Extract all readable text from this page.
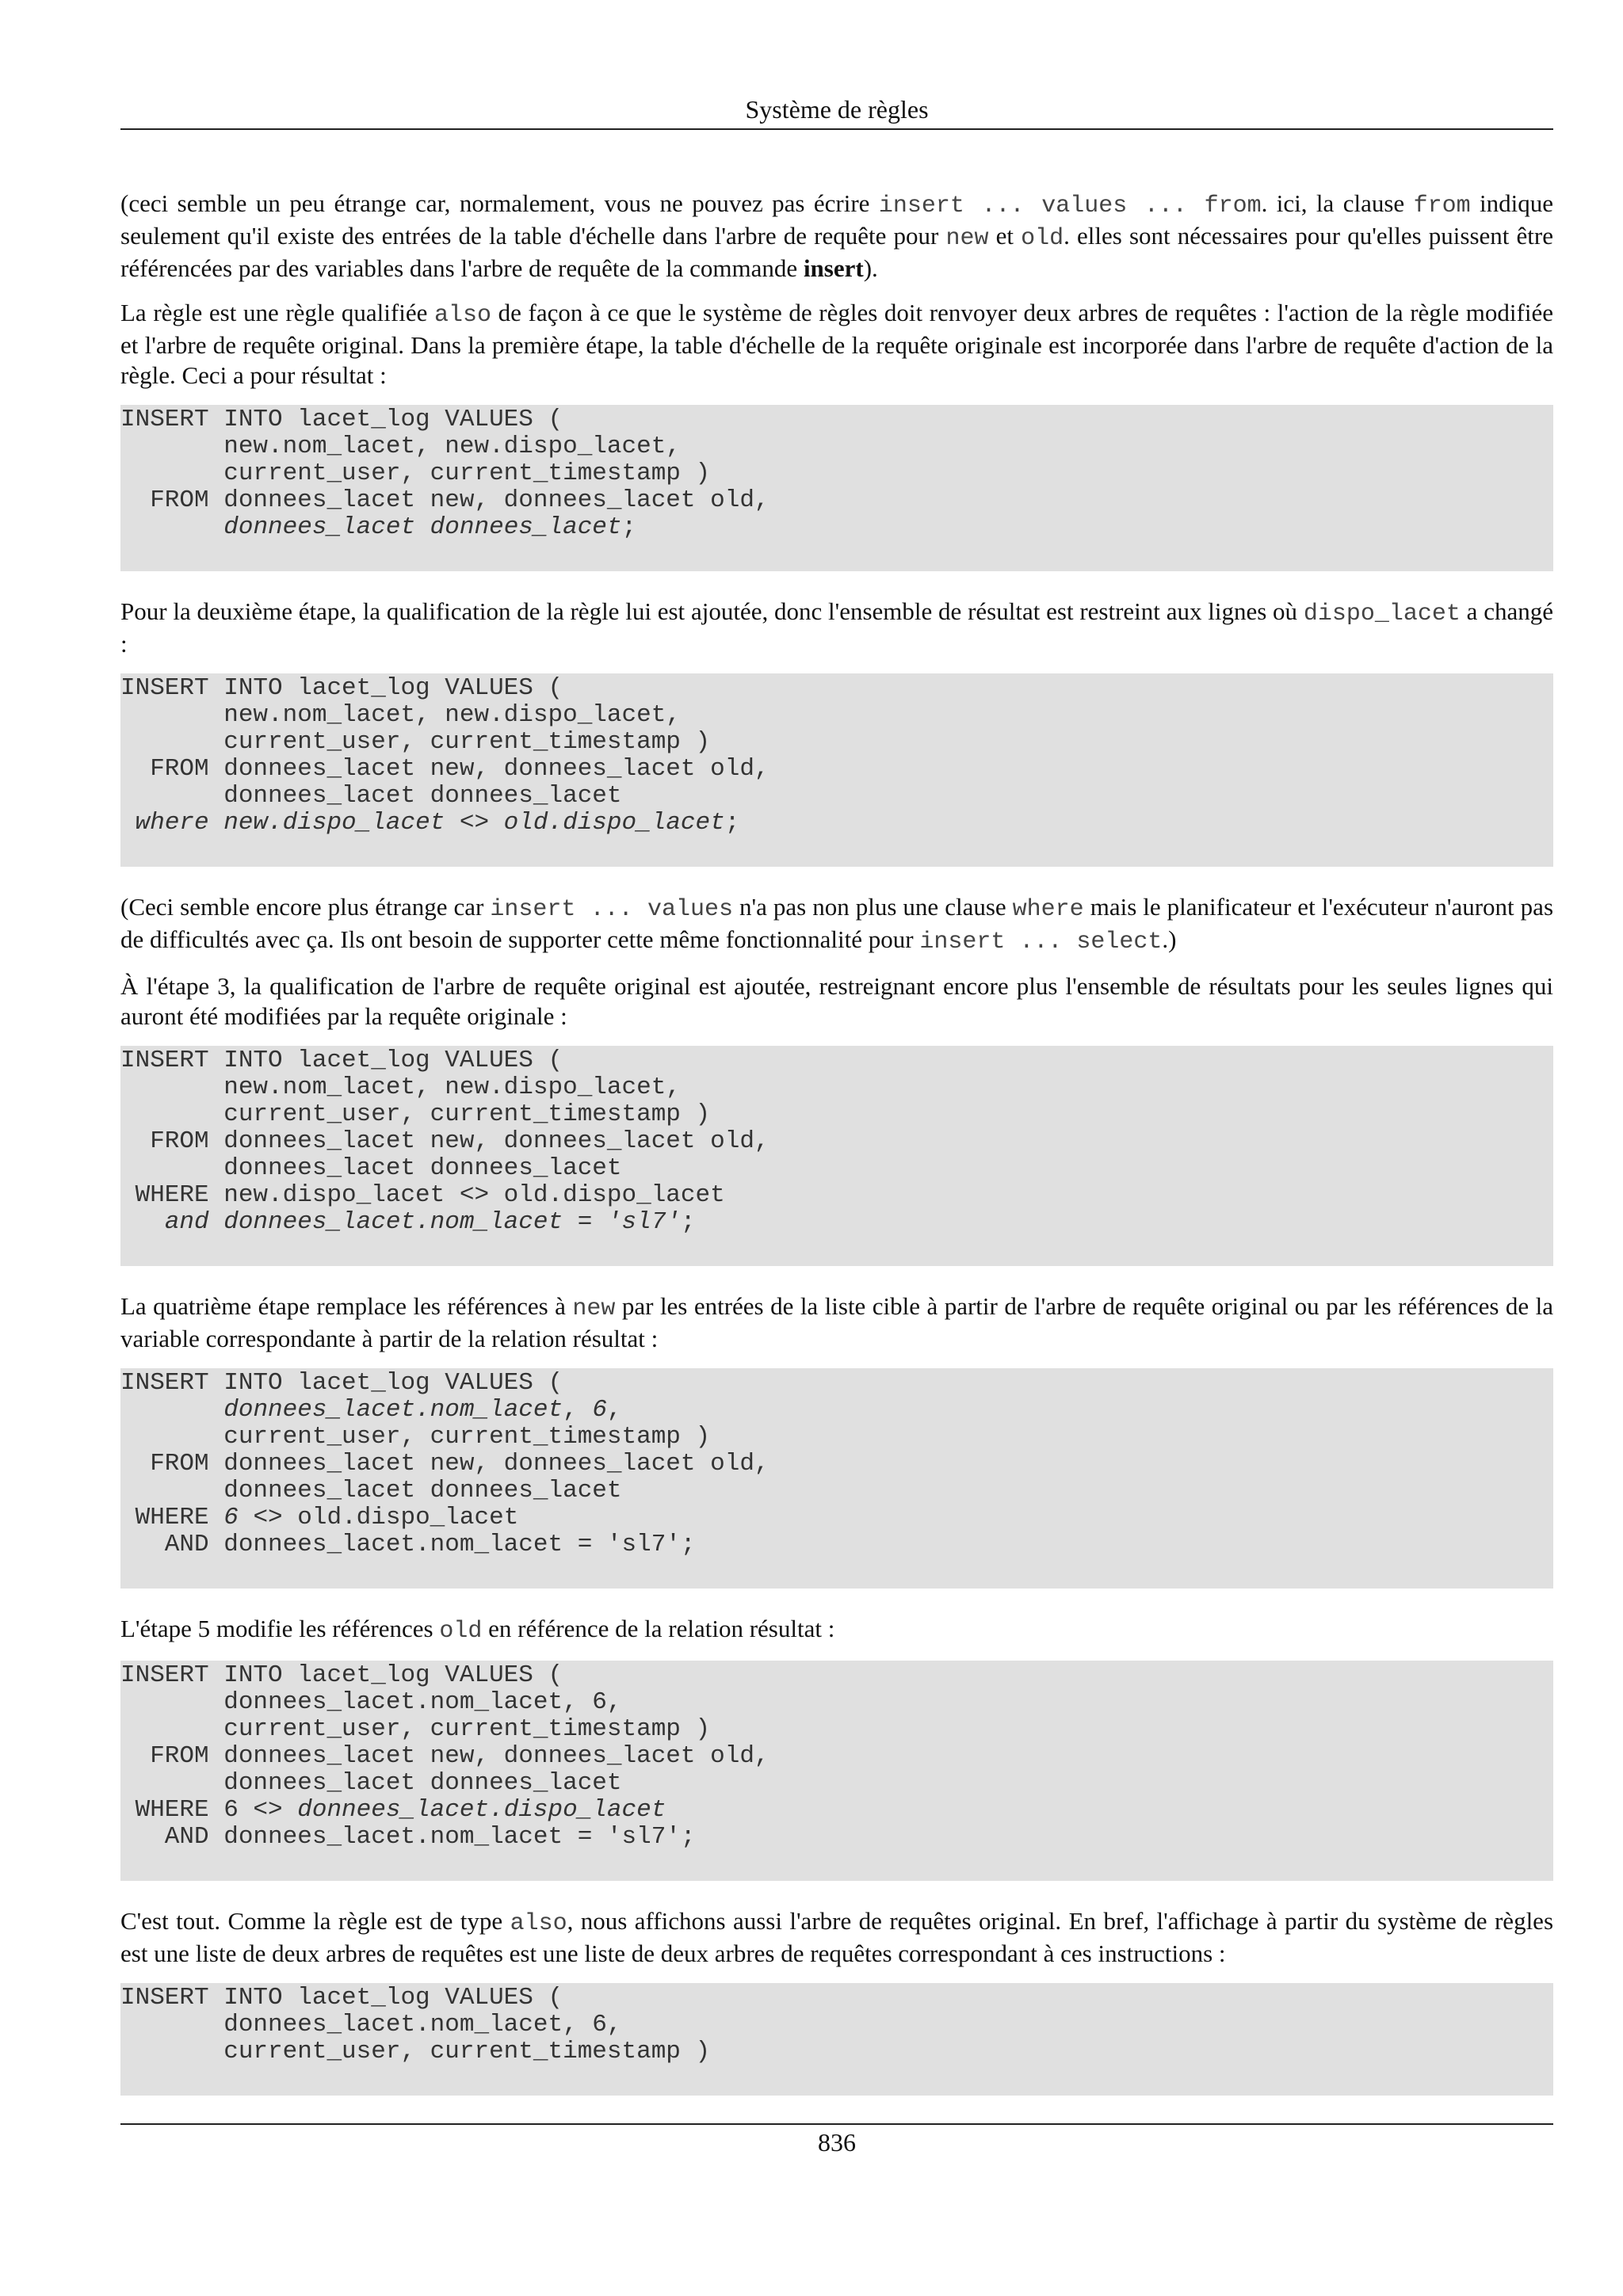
Système de règles

(ceci semble un peu étrange car, normalement, vous ne pouvez pas écrire insert ... values ... from. ici, la clause from indique seulement qu'il existe des entrées de la table d'échelle dans l'arbre de requête pour new et old. elles sont nécessaires pour qu'elles puissent être référencées par des variables dans l'arbre de requête de la commande insert).

La règle est une règle qualifiée also de façon à ce que le système de règles doit renvoyer deux arbres de requêtes : l'action de la règle modifiée et l'arbre de requête original. Dans la première étape, la table d'échelle de la requête originale est incorporée dans l'arbre de requête d'action de la règle. Ceci a pour résultat :

INSERT INTO lacet_log VALUES (
new.nom_lacet, new.dispo_lacet,
current_user, current_timestamp )
FROM donnees_lacet new, donnees_lacet old,
donnees_lacet donnees_lacet;

Pour la deuxième étape, la qualification de la règle lui est ajoutée, donc l'ensemble de résultat est restreint aux lignes où dispo_lacet a changé :

INSERT INTO lacet_log VALUES (
new.nom_lacet, new.dispo_lacet,
current_user, current_timestamp )
FROM donnees_lacet new, donnees_lacet old,
donnees_lacet donnees_lacet
where new.dispo_lacet <> old.dispo_lacet;

(Ceci semble encore plus étrange car insert ... values n'a pas non plus une clause where mais le planificateur et l'exécuteur n'auront pas de difficultés avec ça. Ils ont besoin de supporter cette même fonctionnalité pour insert ... select.)

À l'étape 3, la qualification de l'arbre de requête original est ajoutée, restreignant encore plus l'ensemble de résultats pour les seules lignes qui auront été modifiées par la requête originale :

INSERT INTO lacet_log VALUES (
new.nom_lacet, new.dispo_lacet,
current_user, current_timestamp )
FROM donnees_lacet new, donnees_lacet old,
donnees_lacet donnees_lacet
WHERE new.dispo_lacet <> old.dispo_lacet
and donnees_lacet.nom_lacet = 'sl7';

La quatrième étape remplace les références à new par les entrées de la liste cible à partir de l'arbre de requête original ou par les références de la variable correspondante à partir de la relation résultat :

INSERT INTO lacet_log VALUES (
donnees_lacet.nom_lacet, 6,
current_user, current_timestamp )
FROM donnees_lacet new, donnees_lacet old,
donnees_lacet donnees_lacet
WHERE 6 <> old.dispo_lacet
AND donnees_lacet.nom_lacet = 'sl7';

L'étape 5 modifie les références old en référence de la relation résultat :

INSERT INTO lacet_log VALUES (
donnees_lacet.nom_lacet, 6,
current_user, current_timestamp )
FROM donnees_lacet new, donnees_lacet old,
donnees_lacet donnees_lacet
WHERE 6 <> donnees_lacet.dispo_lacet
AND donnees_lacet.nom_lacet = 'sl7';

C'est tout. Comme la règle est de type also, nous affichons aussi l'arbre de requêtes original. En bref, l'affichage à partir du système de règles est une liste de deux arbres de requêtes est une liste de deux arbres de requêtes correspondant à ces instructions :

INSERT INTO lacet_log VALUES (
donnees_lacet.nom_lacet, 6,
current_user, current_timestamp )
836
